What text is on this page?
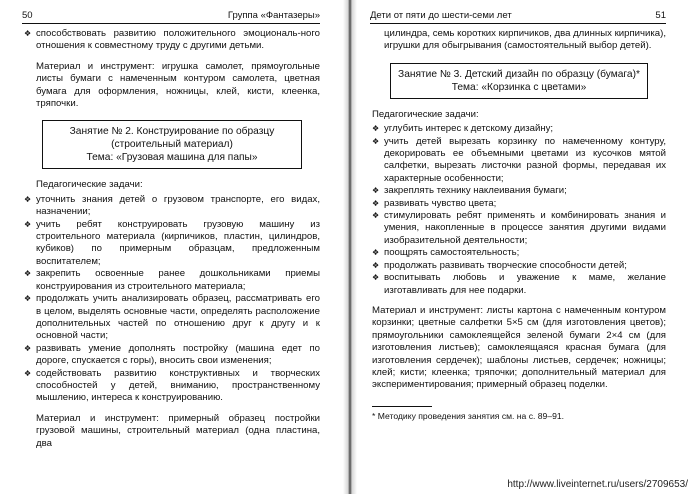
50	Группа «Фантазеры»
❖ способствовать развитию положительного эмоциональ-ного отношения к совместному труду с другими детьми.
Материал и инструмент: игрушка самолет, прямоугольные листы бумаги с намеченным контуром самолета, цветная бумага для оформления, ножницы, клей, кисти, клеенка, тряпочки.
Занятие № 2. Конструирование по образцу
(строительный материал)
Тема: «Грузовая машина для папы»
Педагогические задачи:
❖ уточнить знания детей о грузовом транспорте, его видах, назначении;
❖ учить ребят конструировать грузовую машину из строительного материала (кирпичиков, пластин, цилиндров, кубиков) по примерным образцам, предложенным воспитателем;
❖ закрепить освоенные ранее дошкольниками приемы конструирования из строительного материала;
❖ продолжать учить анализировать образец, рассматривать его в целом, выделять основные части, определять расположение дополнительных частей по отношению друг к другу и к основной части;
❖ развивать умение дополнять постройку (машина едет по дороге, спускается с горы), вносить свои изменения;
❖ содействовать развитию конструктивных и творческих способностей у детей, вниманию, пространственному мышлению, интереса к конструированию.
Материал и инструмент: примерный образец постройки грузовой машины, строительный материал (одна пластина, два
Дети от пяти до шести-семи лет	51
цилиндра, семь коротких кирпичиков, два длинных кирпичика), игрушки для обыгрывания (самостоятельный выбор детей).
Занятие № 3. Детский дизайн по образцу (бумага)*
Тема: «Корзинка с цветами»
Педагогические задачи:
❖ углубить интерес к детскому дизайну;
❖ учить детей вырезать корзинку по намеченному контуру, декорировать ее объемными цветами из кусочков мятой салфетки, вырезать листочки разной формы, передавая их характерные особенности;
❖ закреплять технику наклеивания бумаги;
❖ развивать чувство цвета;
❖ стимулировать ребят применять и комбинировать знания и умения, накопленные в процессе занятия другими видами изобразительной деятельности;
❖ поощрять самостоятельность;
❖ продолжать развивать творческие способности детей;
❖ воспитывать любовь и уважение к маме, желание изготавливать для нее подарки.
Материал и инструмент: листы картона с намеченным контуром корзинки; цветные салфетки 5×5 см (для изготовления цветов); прямоугольники самоклеящейся зеленой бумаги 2×4 см (для изготовления листьев); самоклеящаяся красная бумага (для изготовления сердечек); шаблоны листьев, сердечек; ножницы; клей; кисти; клеенка; тряпочки; дополнительный материал для экспериментирования; примерный образец поделки.
* Методику проведения занятия см. на с. 89–91.
http://www.liveinternet.ru/users/2709653/
